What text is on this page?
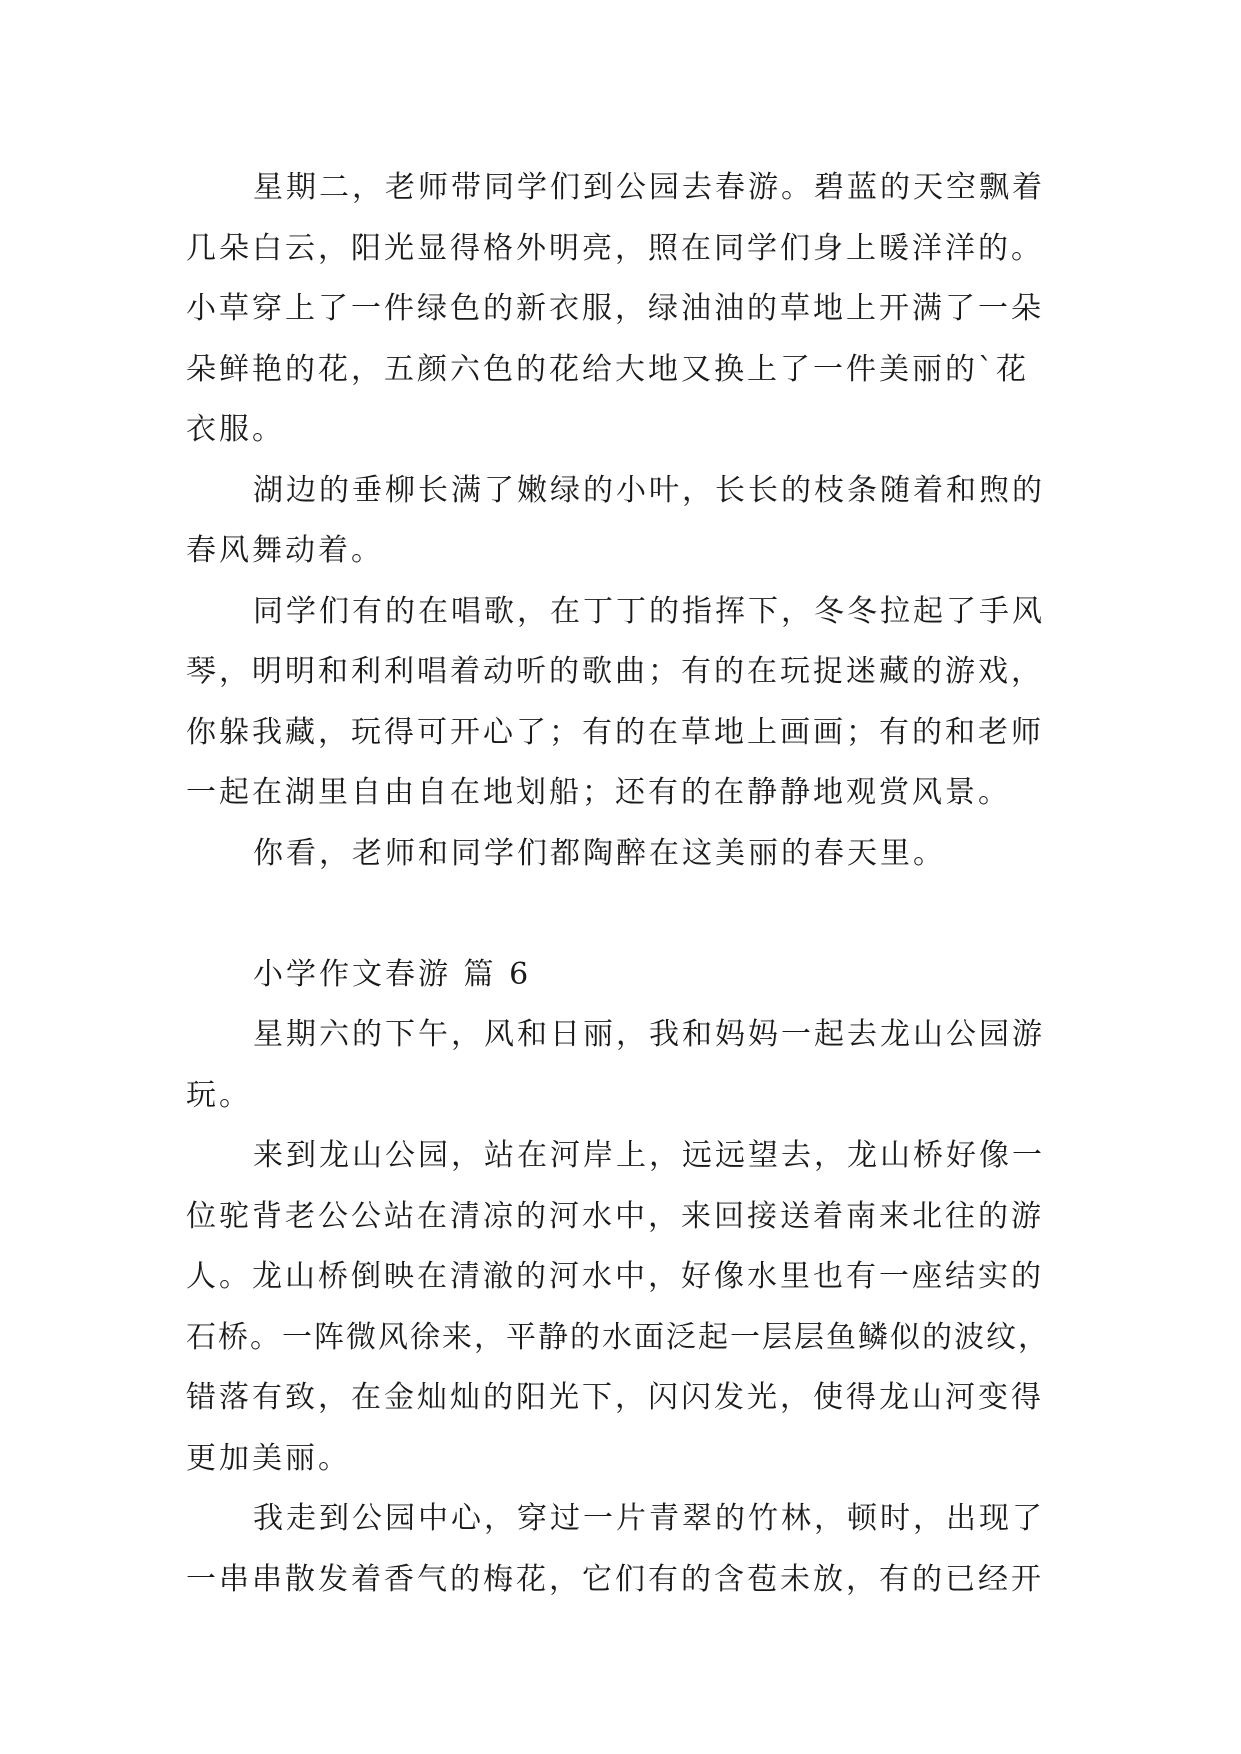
星期二，老师带同学们到公园去春游。碧蓝的天空飘着
几朵白云，阳光显得格外明亮，照在同学们身上暖洋洋的。
小草穿上了一件绿色的新衣服，绿油油的草地上开满了一朵
朵鲜艳的花，五颜六色的花给大地又换上了一件美丽的`花
衣服。
湖边的垂柳长满了嫩绿的小叶，长长的枝条随着和煦的
春风舞动着。
同学们有的在唱歌，在丁丁的指挥下，冬冬拉起了手风
琴，明明和利利唱着动听的歌曲；有的在玩捉迷藏的游戏，
你躲我藏，玩得可开心了；有的在草地上画画；有的和老师
一起在湖里自由自在地划船；还有的在静静地观赏风景。
你看，老师和同学们都陶醉在这美丽的春天里。
小学作文春游 篇 6
星期六的下午，风和日丽，我和妈妈一起去龙山公园游
玩。
来到龙山公园，站在河岸上，远远望去，龙山桥好像一
位驼背老公公站在清凉的河水中，来回接送着南来北往的游
人。龙山桥倒映在清澈的河水中，好像水里也有一座结实的
石桥。一阵微风徐来，平静的水面泛起一层层鱼鳞似的波纹，
错落有致，在金灿灿的阳光下，闪闪发光，使得龙山河变得
更加美丽。
我走到公园中心，穿过一片青翠的竹林，顿时，出现了
一串串散发着香气的梅花，它们有的含苞未放，有的已经开
